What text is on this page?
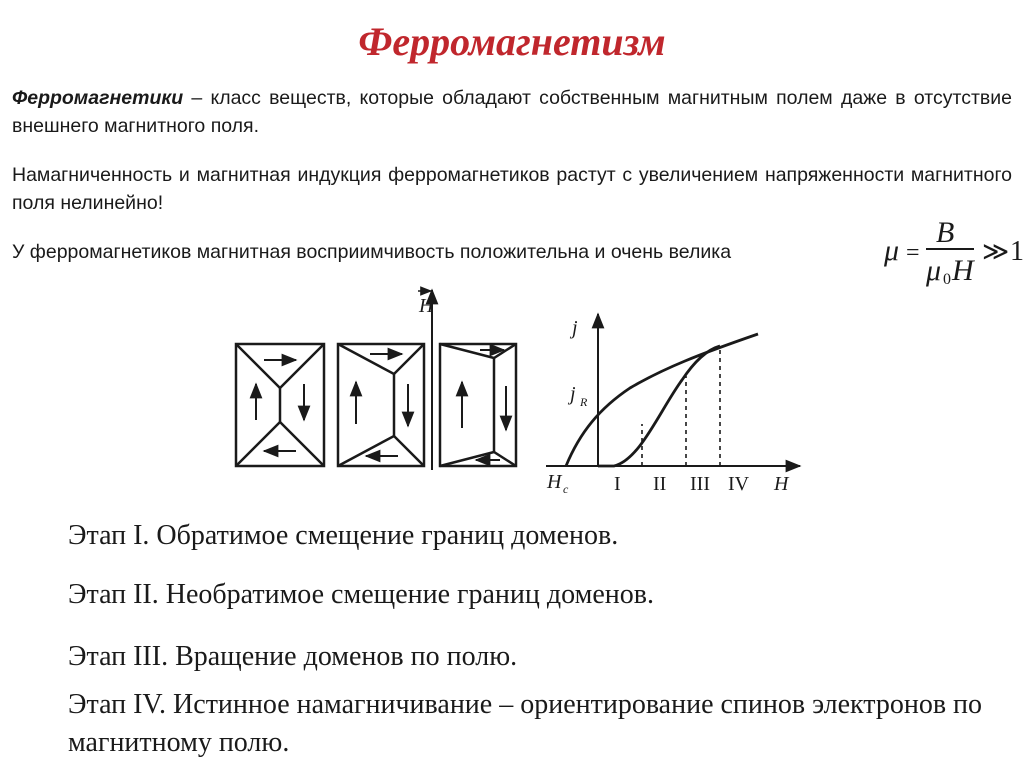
Ферромагнетизм
Ферромагнетики – класс веществ, которые обладают собственным магнитным полем даже в отсутствие внешнего магнитного поля.
Намагниченность и магнитная индукция ферромагнетиков растут с увеличением напряженности магнитного поля нелинейно!
У ферромагнетиков магнитная восприимчивость положительна и очень велика	μ =
B
μ 0 H
≫ 1
H
j
j R
H c	H
I II III IV
Этап I. Обратимое смещение границ доменов.
Этап II. Необратимое смещение границ доменов.
Этап III. Вращение доменов по полю.
Этап IV. Истинное намагничивание – ориентирование спинов электронов по магнитному полю.
